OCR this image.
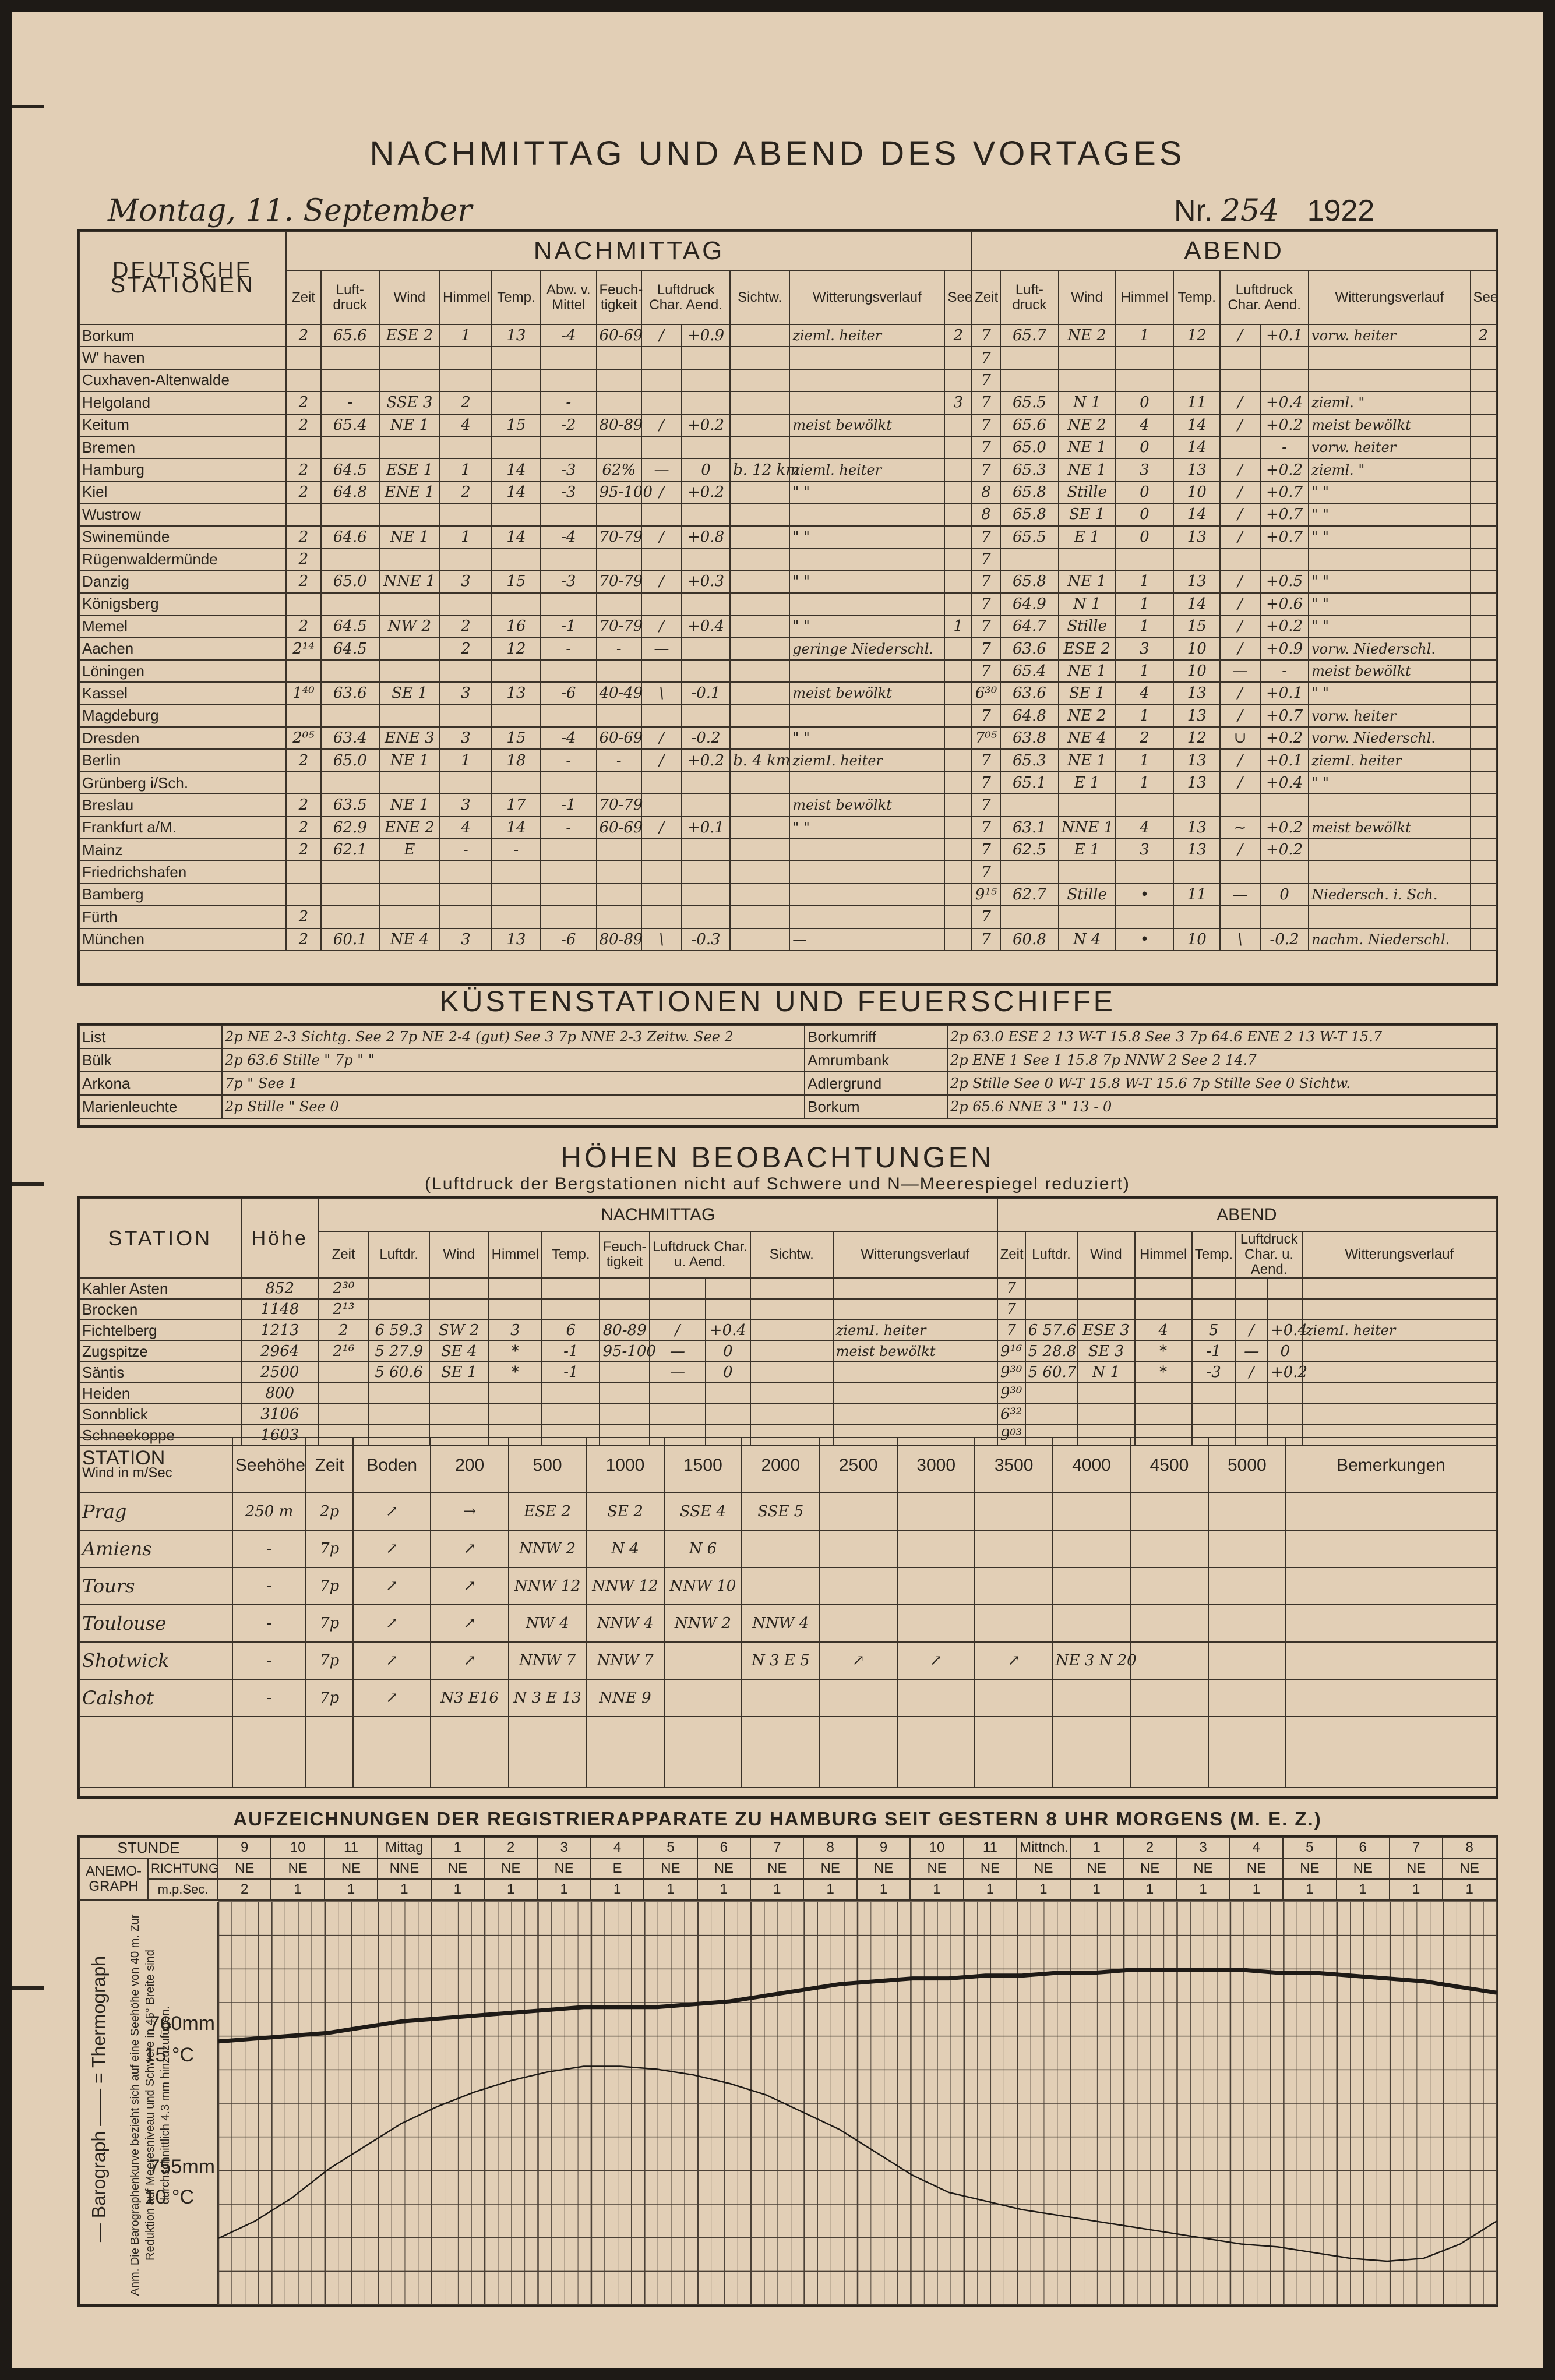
NACHMITTAG UND ABEND DES VORTAGES
Montag, 11. September	Nr. 254 1922
DEUTSCHE STATIONEN	NACHMITTAG												ABEND								
	Zeit	Luft-druck	Wind	Himmel	Temp.	Abw. v. Mittel	Feuch-tigkeit	Luftdruck Char. Aend.		Sichtw.	Witterungsverlauf	See	Zeit	Luft-druck	Wind	Himmel	Temp.	Luftdruck Char. Aend.		Witterungsverlauf	See
Borkum	2	65.6	ESE 2	1	13	-4	60-69	/	+0.9		zieml. heiter	2	7	65.7	NE 2	1	12	/	+0.1	vorw. heiter	2
W' haven													7								
Cuxhaven-Altenwalde													7								
Helgoland	2	-	SSE 3	2		-						3	7	65.5	N 1	0	11	/	+0.4	zieml. "	
Keitum	2	65.4	NE 1	4	15	-2	80-89	/	+0.2		meist bewölkt		7	65.6	NE 2	4	14	/	+0.2	meist bewölkt	
Bremen													7	65.0	NE 1	0	14		-	vorw. heiter	
Hamburg	2	64.5	ESE 1	1	14	-3	62%	—	0	b. 12 km	zieml. heiter		7	65.3	NE 1	3	13	/	+0.2	zieml. "	
Kiel	2	64.8	ENE 1	2	14	-3	95-100	/	+0.2		" "		8	65.8	Stille	0	10	/	+0.7	" "	
Wustrow													8	65.8	SE 1	0	14	/	+0.7	" "	
Swinemünde	2	64.6	NE 1	1	14	-4	70-79	/	+0.8		" "		7	65.5	E 1	0	13	/	+0.7	" "	
Rügenwaldermünde	2												7								
Danzig	2	65.0	NNE 1	3	15	-3	70-79	/	+0.3		" "		7	65.8	NE 1	1	13	/	+0.5	" "	
Königsberg													7	64.9	N 1	1	14	/	+0.6	" "	
Memel	2	64.5	NW 2	2	16	-1	70-79	/	+0.4		" "	1	7	64.7	Stille	1	15	/	+0.2	" "	
Aachen	2¹⁴	64.5		2	12	-	-	—			geringe Niederschl.		7	63.6	ESE 2	3	10	/	+0.9	vorw. Niederschl.	
Löningen													7	65.4	NE 1	1	10	—	-	meist bewölkt	
Kassel	1⁴⁰	63.6	SE 1	3	13	-6	40-49	\	-0.1		meist bewölkt		6³⁰	63.6	SE 1	4	13	/	+0.1	" "	
Magdeburg													7	64.8	NE 2	1	13	/	+0.7	vorw. heiter	
Dresden	2⁰⁵	63.4	ENE 3	3	15	-4	60-69	/	-0.2		" "		7⁰⁵	63.8	NE 4	2	12	∪	+0.2	vorw. Niederschl.	
Berlin	2	65.0	NE 1	1	18	-	-	/	+0.2	b. 4 km	ziemI. heiter		7	65.3	NE 1	1	13	/	+0.1	ziemI. heiter	
Grünberg i/Sch.													7	65.1	E 1	1	13	/	+0.4	" "	
Breslau	2	63.5	NE 1	3	17	-1	70-79				meist bewölkt		7								
Frankfurt a/M.	2	62.9	ENE 2	4	14	-	60-69	/	+0.1		" "		7	63.1	NNE 1	4	13	~	+0.2	meist bewölkt	
Mainz	2	62.1	E	-	-								7	62.5	E 1	3	13	/	+0.2		
Friedrichshafen													7								
Bamberg													9¹⁵	62.7	Stille	•	11	—	0	Niedersch. i. Sch.	
Fürth	2												7								
München	2	60.1	NE 4	3	13	-6	80-89	\	-0.3		—		7	60.8	N 4	•	10	\	-0.2	nachm. Niederschl.	
KÜSTENSTATIONEN UND FEUERSCHIFFE
List	2p NE 2-3 Sichtg. See 2 7p NE 2-4 (gut) See 3 7p NNE 2-3 Zeitw. See 2	Borkumriff	2p 63.0 ESE 2 13 W-T 15.8 See 3 7p 64.6 ENE 2 13 W-T 15.7
Bülk	2p 63.6 Stille " 7p " "	Amrumbank	2p ENE 1 See 1 15.8 7p NNW 2 See 2 14.7
Arkona	7p " See 1	Adlergrund	2p Stille See 0 W-T 15.8 W-T 15.6 7p Stille See 0 Sichtw.
Marienleuchte	2p Stille " See 0	Borkum	2p 65.6 NNE 3 " 13 - 0
HÖHEN BEOBACHTUNGEN
(Luftdruck der Bergstationen nicht auf Schwere und N—Meerespiegel reduziert)
STATION	Höhe	NACHMITTAG										ABEND							
		Zeit	Luftdr.	Wind	Himmel	Temp.	Feuch-tigkeit	Luftdruck Char. u. Aend.		Sichtw.	Witterungsverlauf	Zeit	Luftdr.	Wind	Himmel	Temp.	Luftdruck Char. u. Aend.		Witterungsverlauf
Kahler Asten	852	2³⁰										7							
Brocken	1148	2¹³										7							
Fichtelberg	1213	2	6 59.3	SW 2	3	6	80-89	/	+0.4		ziemI. heiter	7	6 57.6	ESE 3	4	5	/	+0.4	ziemI. heiter
Zugspitze	2964	2¹⁶	5 27.9	SE 4	*	-1	95-100	—	0		meist bewölkt	9¹⁶	5 28.8	SE 3	*	-1	—	0	
Säntis	2500		5 60.6	SE 1	*	-1		—	0			9³⁰	5 60.7	N 1	*	-3	/	+0.2	
Heiden	800											9³⁰							
Sonnblick	3106											6³²							
Schneekoppe	1603											9⁰³							
STATION
Wind in m/Sec	Seehöhe	Zeit	Boden	200	500	1000	1500	2000	2500	3000	3500	4000	4500	5000	Bemerkungen
Prag	250 m	2p	↗	→	ESE 2	SE 2	SSE 4	SSE 5							
Amiens	-	7p	↗	↗	NNW 2	N 4	N 6								
Tours	-	7p	↗	↗	NNW 12	NNW 12	NNW 10								
Toulouse	-	7p	↗	↗	NW 4	NNW 4	NNW 2	NNW 4							
Shotwick	-	7p	↗	↗	NNW 7	NNW 7		N 3 E 5	↗	↗	↗	NE 3 N 20			
Calshot	-	7p	↗	N3 E16	N 3 E 13	NNE 9									

AUFZEICHNUNGEN DER REGISTRIERAPPARATE ZU HAMBURG SEIT GESTERN 8 UHR MORGENS (M. E. Z.)
STUNDE		9	10	11	Mittag	1	2	3	4	5	6	7	8	9	10	11	Mittnch.	1	2	3	4	5	6	7	8
ANEMO-GRAPH	RICHTUNG	NE	NE	NE	NNE	NE	NE	NE	E	NE	NE	NE	NE	NE	NE	NE	NE	NE	NE	NE	NE	NE	NE	NE	NE
	m.p.Sec.	2	1	1	1	1	1	1	1	1	1	1	1	1	1	1	1	1	1	1	1	1	1	1	1
— Barograph —— = Thermograph Anm. Die Barographenkurve bezieht sich auf eine Seehöhe von 40 m. Zur Reduktion auf Meeresniveau und Schwere in 45° Breite sind durchschnittlich 4.3 mm hinzuzufügen.
760mm
15 °C
755mm
10 °C
